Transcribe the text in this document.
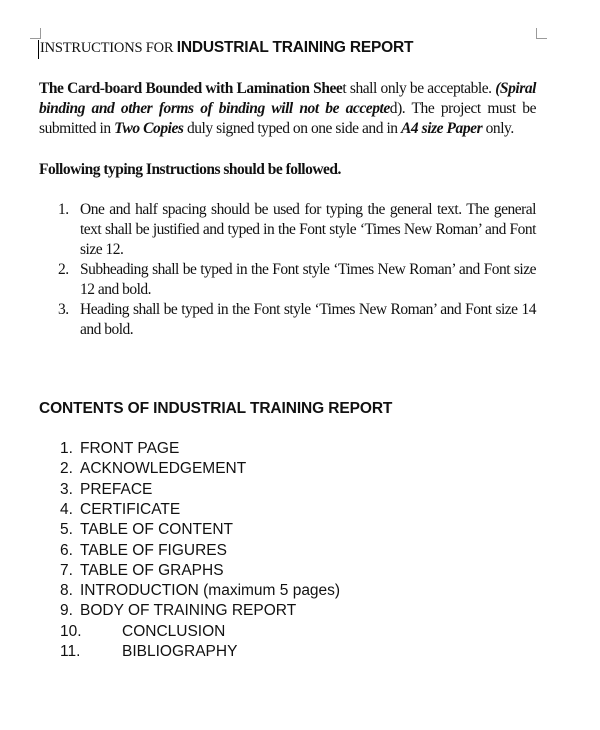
INSTRUCTIONS FOR INDUSTRIAL TRAINING REPORT
The Card-board Bounded with Lamination Sheet shall only be acceptable. (Spiral binding and other forms of binding will not be accepted). The project must be submitted in Two Copies duly signed typed on one side and in A4 size Paper only.
Following typing Instructions should be followed.
1. One and half spacing should be used for typing the general text. The general text shall be justified and typed in the Font style ‘Times New Roman’ and Font size 12.
2. Subheading shall be typed in the Font style ‘Times New Roman’ and Font size 12 and bold.
3. Heading shall be typed in the Font style ‘Times New Roman’ and Font size 14 and bold.
CONTENTS OF INDUSTRIAL TRAINING REPORT
1. FRONT PAGE
2. ACKNOWLEDGEMENT
3. PREFACE
4. CERTIFICATE
5. TABLE OF CONTENT
6. TABLE OF FIGURES
7. TABLE OF GRAPHS
8. INTRODUCTION (maximum 5 pages)
9. BODY OF TRAINING REPORT
10.	CONCLUSION
11.	BIBLIOGRAPHY
